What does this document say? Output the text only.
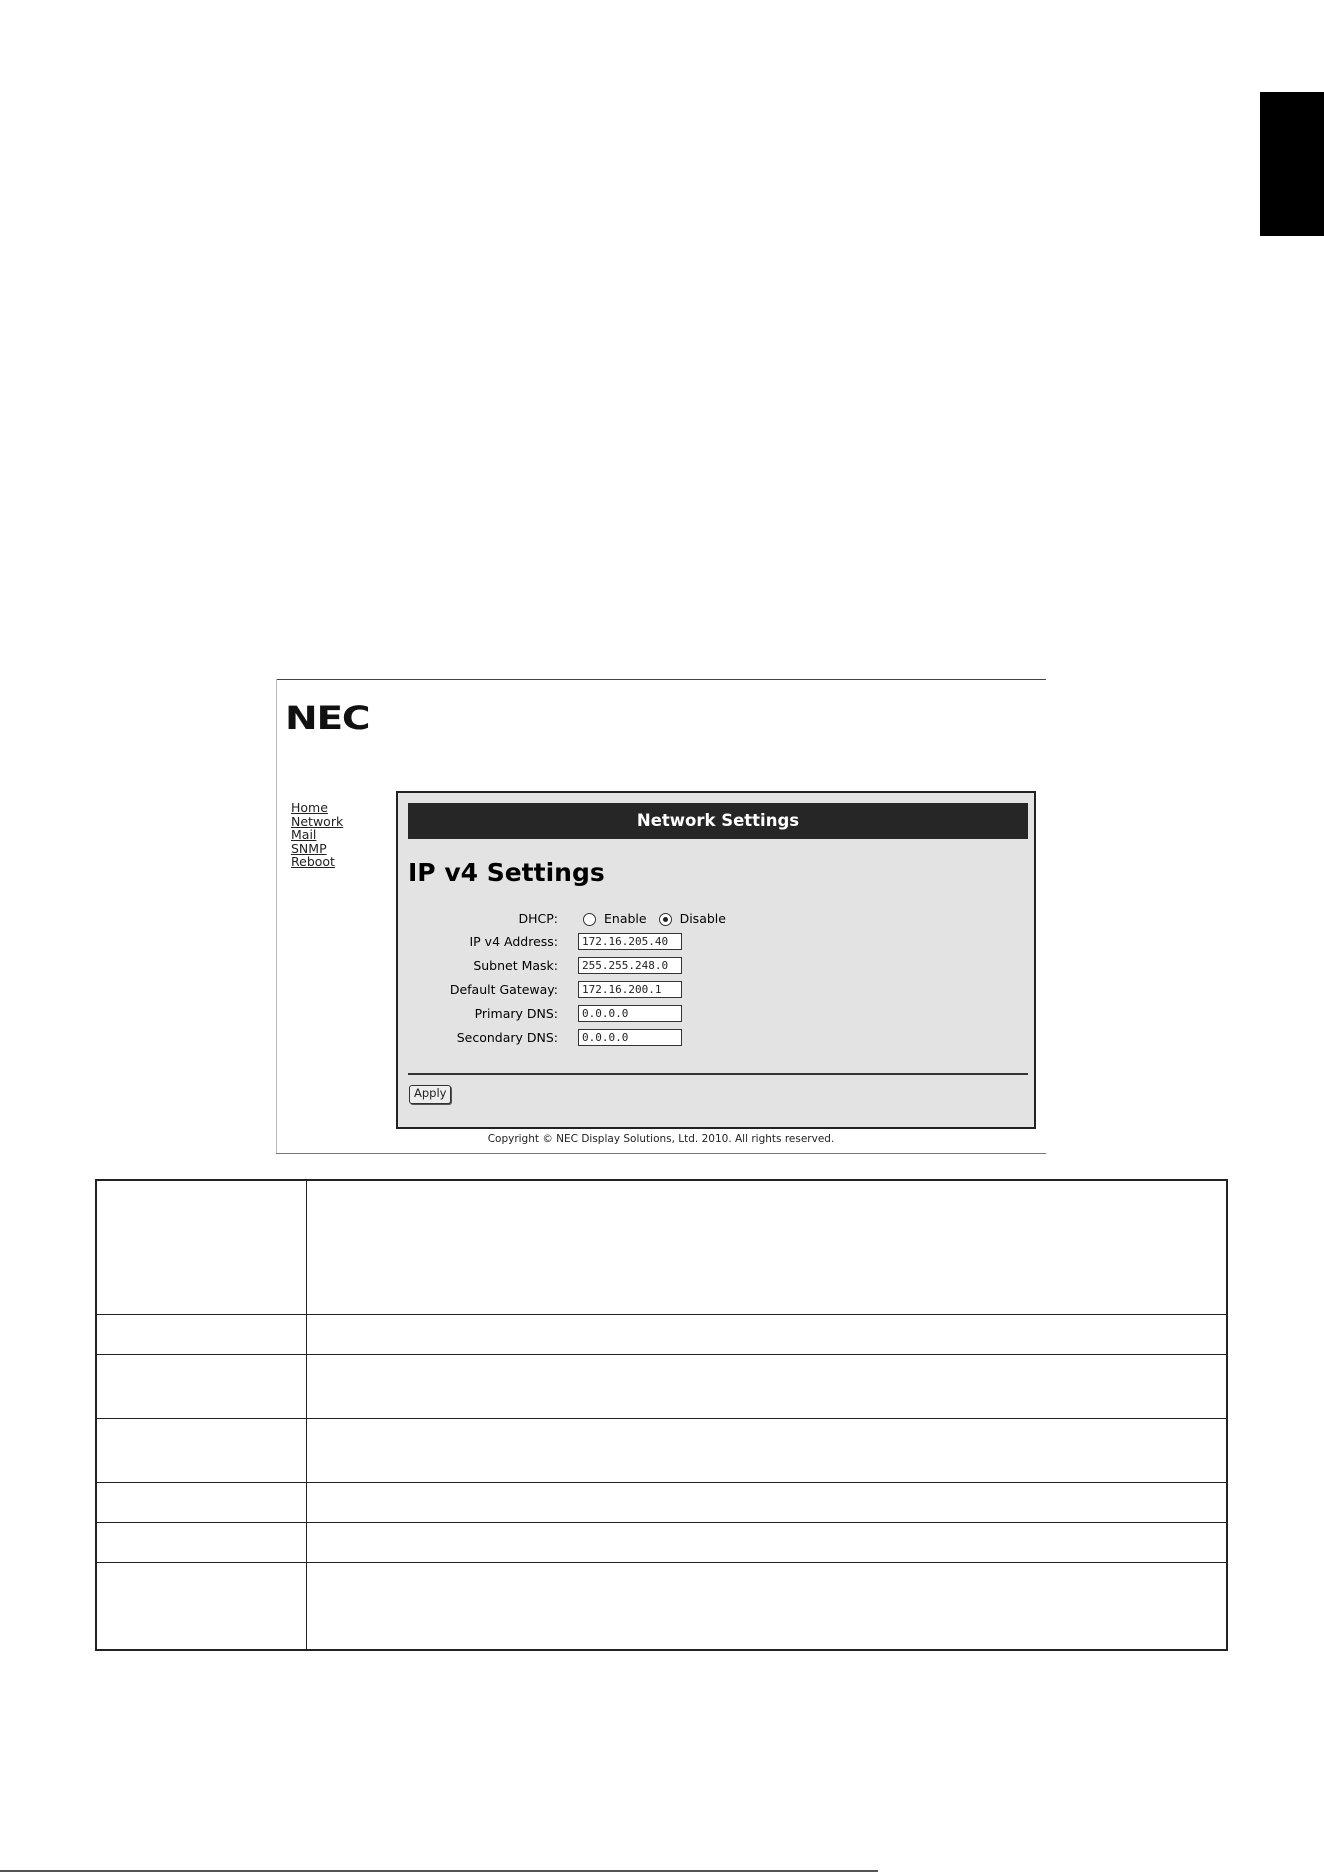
NEC
Home
Network
Mail
SNMP
Reboot
Network Settings
IP v4 Settings
DHCP:	Enable	Disable
IP v4 Address:	172.16.205.40
Subnet Mask:	255.255.248.0
Default Gateway:	172.16.200.1
Primary DNS:	0.0.0.0
Secondary DNS:	0.0.0.0
Apply
Copyright © NEC Display Solutions, Ltd. 2010. All rights reserved.
